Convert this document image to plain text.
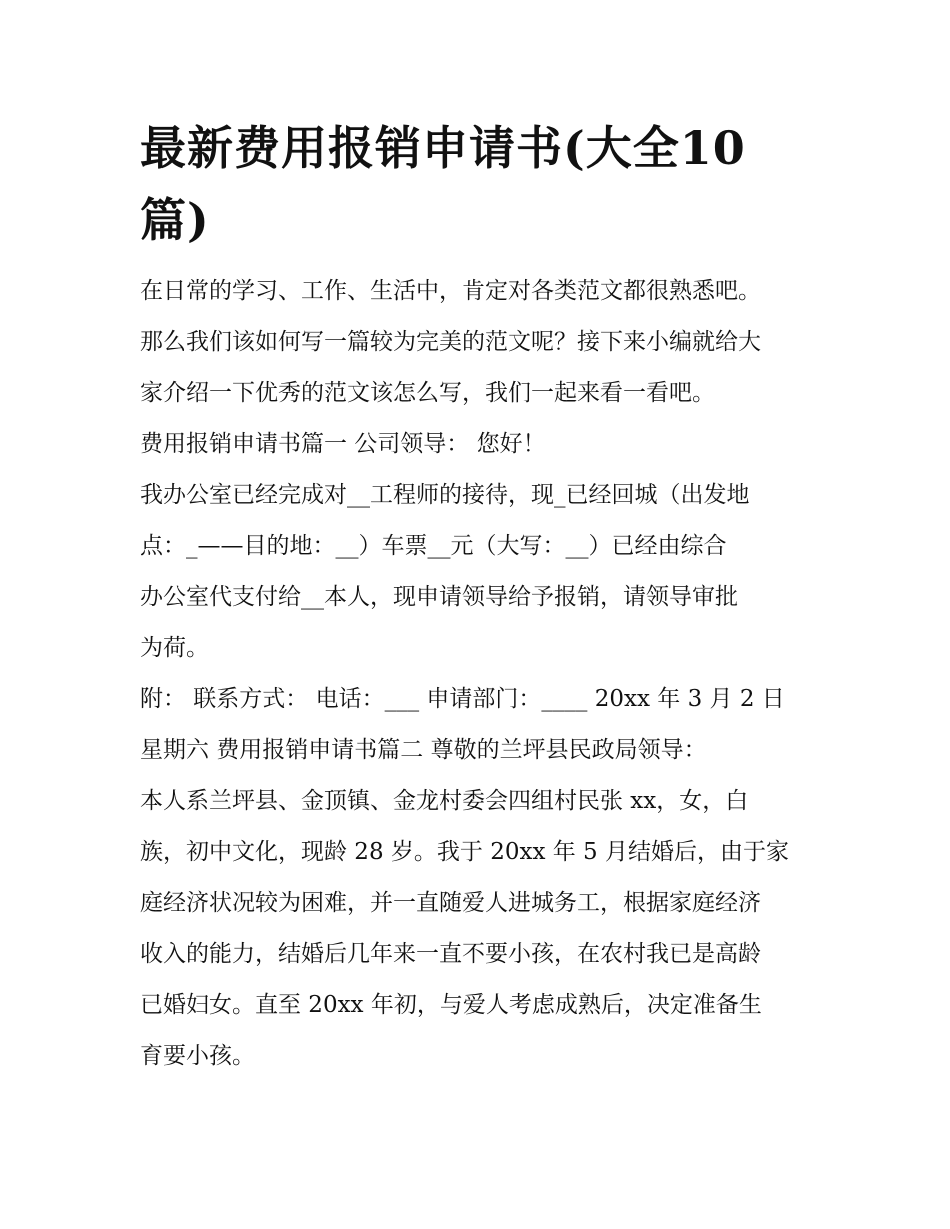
最新费用报销申请书(大全10
篇)

在日常的学习、工作、生活中，肯定对各类范文都很熟悉吧。

那么我们该如何写一篇较为完美的范文呢？接下来小编就给大

家介绍一下优秀的范文该怎么写，我们一起来看一看吧。

费用报销申请书篇一 公司领导： 您好！

我办公室已经完成对__工程师的接待，现_已经回城（出发地

点：_——目的地：__）车票__元（大写：__）已经由综合

办公室代支付给__本人，现申请领导给予报销，请领导审批

为荷。

附： 联系方式： 电话：___ 申请部门：____ 20xx 年 3 月 2 日

星期六 费用报销申请书篇二 尊敬的兰坪县民政局领导：

本人系兰坪县、金顶镇、金龙村委会四组村民张 xx，女，白

族，初中文化，现龄 28 岁。我于 20xx 年 5 月结婚后，由于家

庭经济状况较为困难，并一直随爱人进城务工，根据家庭经济

收入的能力，结婚后几年来一直不要小孩，在农村我已是高龄

已婚妇女。直至 20xx 年初，与爱人考虑成熟后，决定准备生

育要小孩。
